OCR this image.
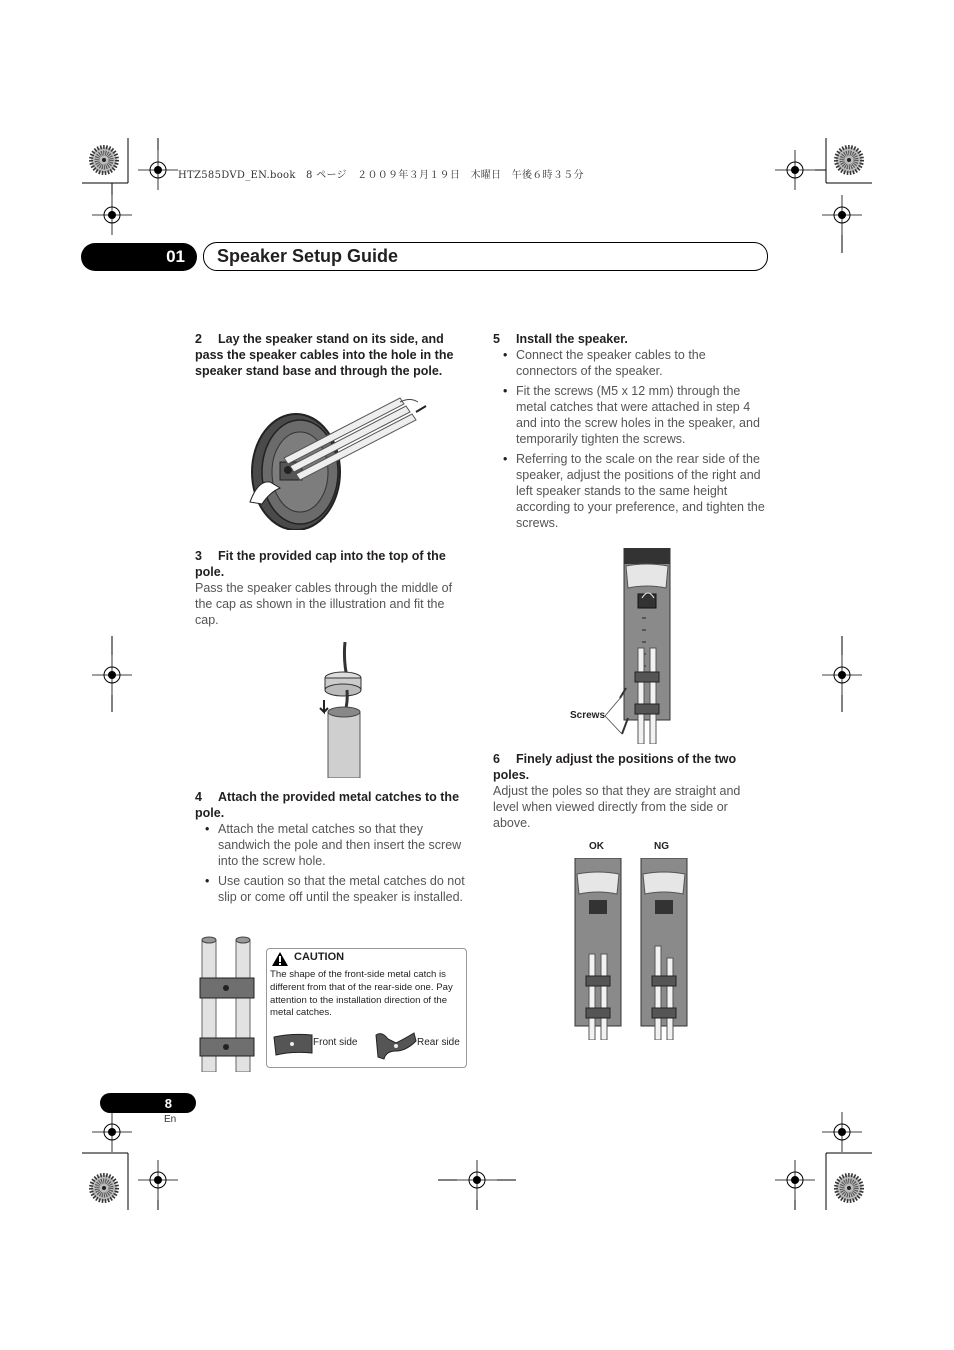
HTZ585DVD_EN.book　8 ページ　２００９年３月１９日　木曜日　午後６時３５分
01	Speaker Setup Guide
2 Lay the speaker stand on its side, and pass the speaker cables into the hole in the speaker stand base and through the pole.
3 Fit the provided cap into the top of the pole.
Pass the speaker cables through the middle of the cap as shown in the illustration and fit the cap.
4 Attach the provided metal catches to the pole.
• Attach the metal catches so that they sandwich the pole and then insert the screw into the screw hole.
• Use caution so that the metal catches do not slip or come off until the speaker is installed.
CAUTION
The shape of the front-side metal catch is different from that of the rear-side one. Pay attention to the installation direction of the metal catches.
Front side	Rear side
5 Install the speaker.
• Connect the speaker cables to the connectors of the speaker.
• Fit the screws (M5 x 12 mm) through the metal catches that were attached in step 4 and into the screw holes in the speaker, and temporarily tighten the screws.
• Referring to the scale on the rear side of the speaker, adjust the positions of the right and left speaker stands to the same height according to your preference, and tighten the screws.
Screws
6 Finely adjust the positions of the two poles.
Adjust the poles so that they are straight and level when viewed directly from the side or above.
OK	NG
8
En
